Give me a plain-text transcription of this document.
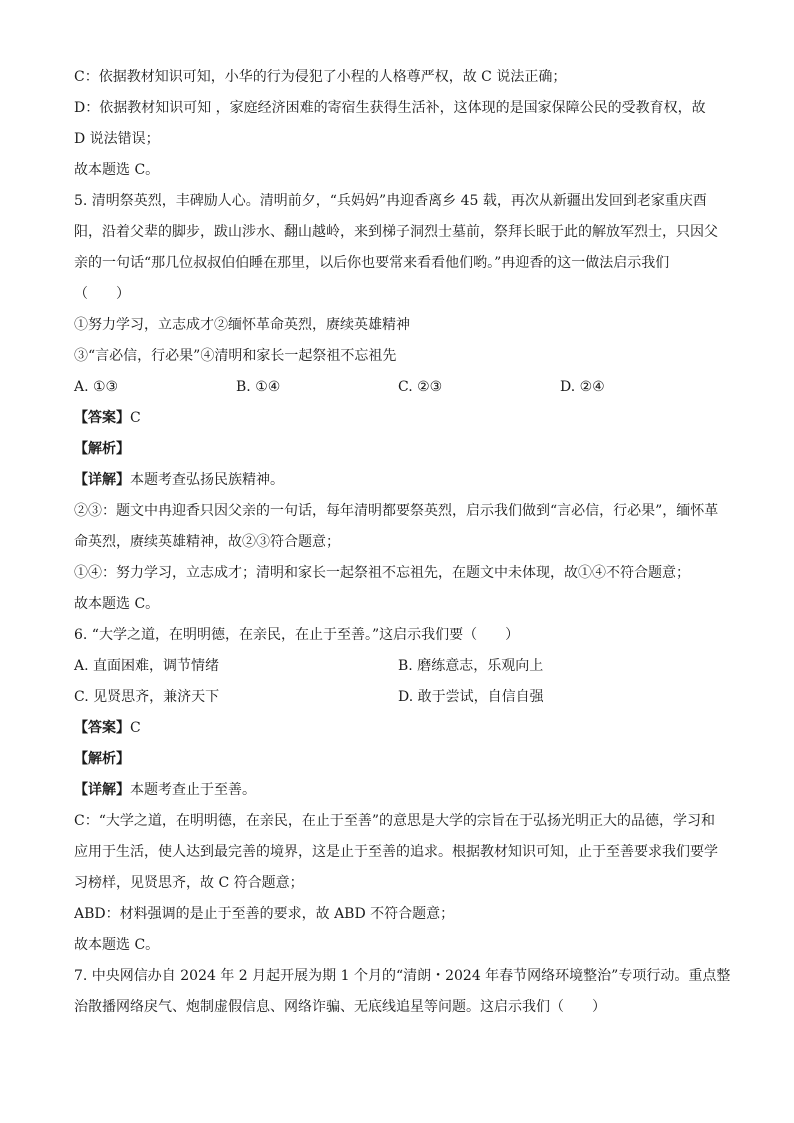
C：依据教材知识可知，小华的行为侵犯了小程的人格尊严权，故 C 说法正确；
D：依据教材知识可知 ，家庭经济困难的寄宿生获得生活补，这体现的是国家保障公民的受教育权，故
D 说法错误；
故本题选 C。
5. 清明祭英烈，丰碑励人心。清明前夕，“兵妈妈”冉迎香离乡 45 载，再次从新疆出发回到老家重庆酉
阳，沿着父辈的脚步，跋山涉水、翻山越岭，来到梯子洞烈士墓前，祭拜长眠于此的解放军烈士，只因父
亲的一句话“那几位叔叔伯伯睡在那里，以后你也要常来看看他们哟。”冉迎香的这一做法启示我们
（　　）
①努力学习，立志成才②缅怀革命英烈，赓续英雄精神
③“言必信，行必果”④清明和家长一起祭祖不忘祖先
A. ①③	B. ①④	C. ②③	D. ②④
【答案】C
【解析】
【详解】本题考查弘扬民族精神。
②③：题文中冉迎香只因父亲的一句话，每年清明都要祭英烈，启示我们做到“言必信，行必果”，缅怀革
命英烈，赓续英雄精神，故②③符合题意；
①④：努力学习，立志成才；清明和家长一起祭祖不忘祖先，在题文中未体现，故①④不符合题意；
故本题选 C。
6. “大学之道，在明明德，在亲民，在止于至善。”这启示我们要（　　）
A. 直面困难，调节情绪	B. 磨练意志，乐观向上
C. 见贤思齐，兼济天下	D. 敢于尝试，自信自强
【答案】C
【解析】
【详解】本题考查止于至善。
C：“大学之道，在明明德，在亲民，在止于至善”的意思是大学的宗旨在于弘扬光明正大的品德，学习和
应用于生活，使人达到最完善的境界，这是止于至善的追求。根据教材知识可知，止于至善要求我们要学
习榜样，见贤思齐，故 C 符合题意；
ABD：材料强调的是止于至善的要求，故 ABD 不符合题意；
故本题选 C。
7. 中央网信办自 2024 年 2 月起开展为期 1 个月的“清朗・2024 年春节网络环境整治”专项行动。重点整
治散播网络戾气、炮制虚假信息、网络诈骗、无底线追星等问题。这启示我们（　　）
